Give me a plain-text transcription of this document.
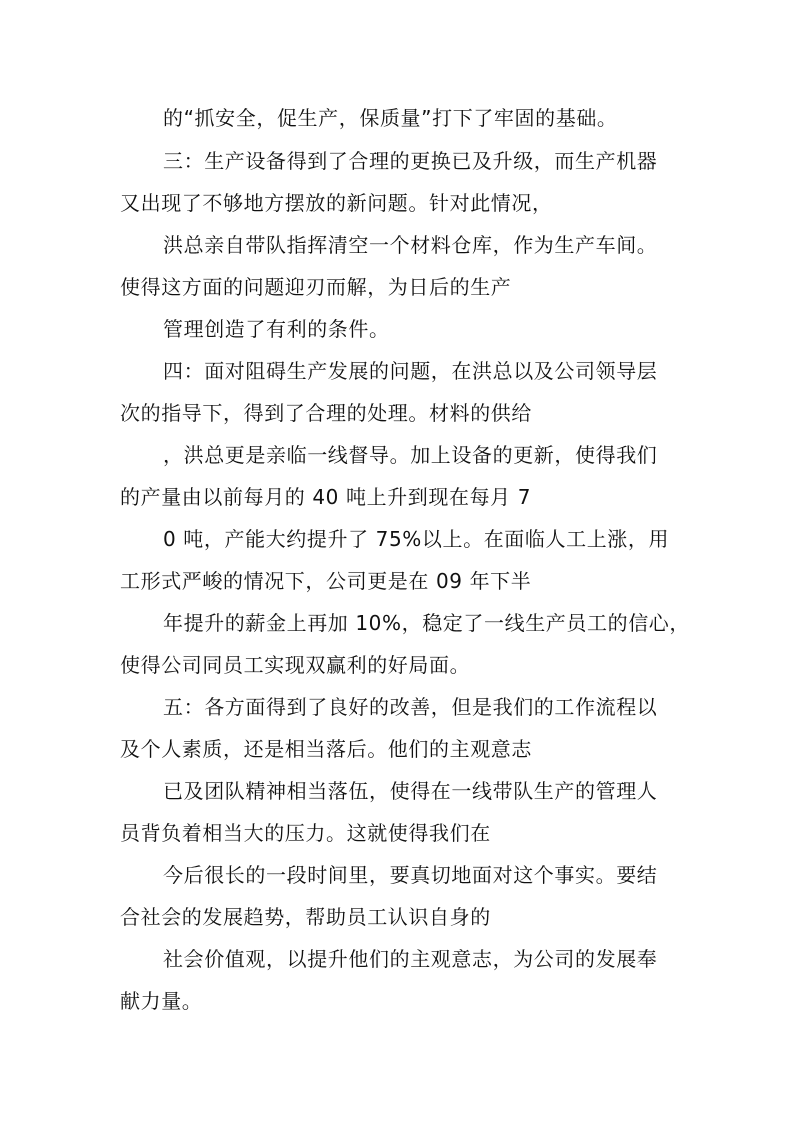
的“抓安全，促生产，保质量”打下了牢固的基础。
三：生产设备得到了合理的更换已及升级，而生产机器
又出现了不够地方摆放的新问题。针对此情况，
洪总亲自带队指挥清空一个材料仓库，作为生产车间。
使得这方面的问题迎刃而解，为日后的生产
管理创造了有利的条件。
四：面对阻碍生产发展的问题，在洪总以及公司领导层
次的指导下，得到了合理的处理。材料的供给
，洪总更是亲临一线督导。加上设备的更新，使得我们
的产量由以前每月的 40 吨上升到现在每月 7
0 吨，产能大约提升了 75%以上。在面临人工上涨，用
工形式严峻的情况下，公司更是在 09 年下半
年提升的薪金上再加 10%，稳定了一线生产员工的信心，
使得公司同员工实现双赢利的好局面。
五：各方面得到了良好的改善，但是我们的工作流程以
及个人素质，还是相当落后。他们的主观意志
已及团队精神相当落伍，使得在一线带队生产的管理人
员背负着相当大的压力。这就使得我们在
今后很长的一段时间里，要真切地面对这个事实。要结
合社会的发展趋势，帮助员工认识自身的
社会价值观，以提升他们的主观意志，为公司的发展奉
献力量。
